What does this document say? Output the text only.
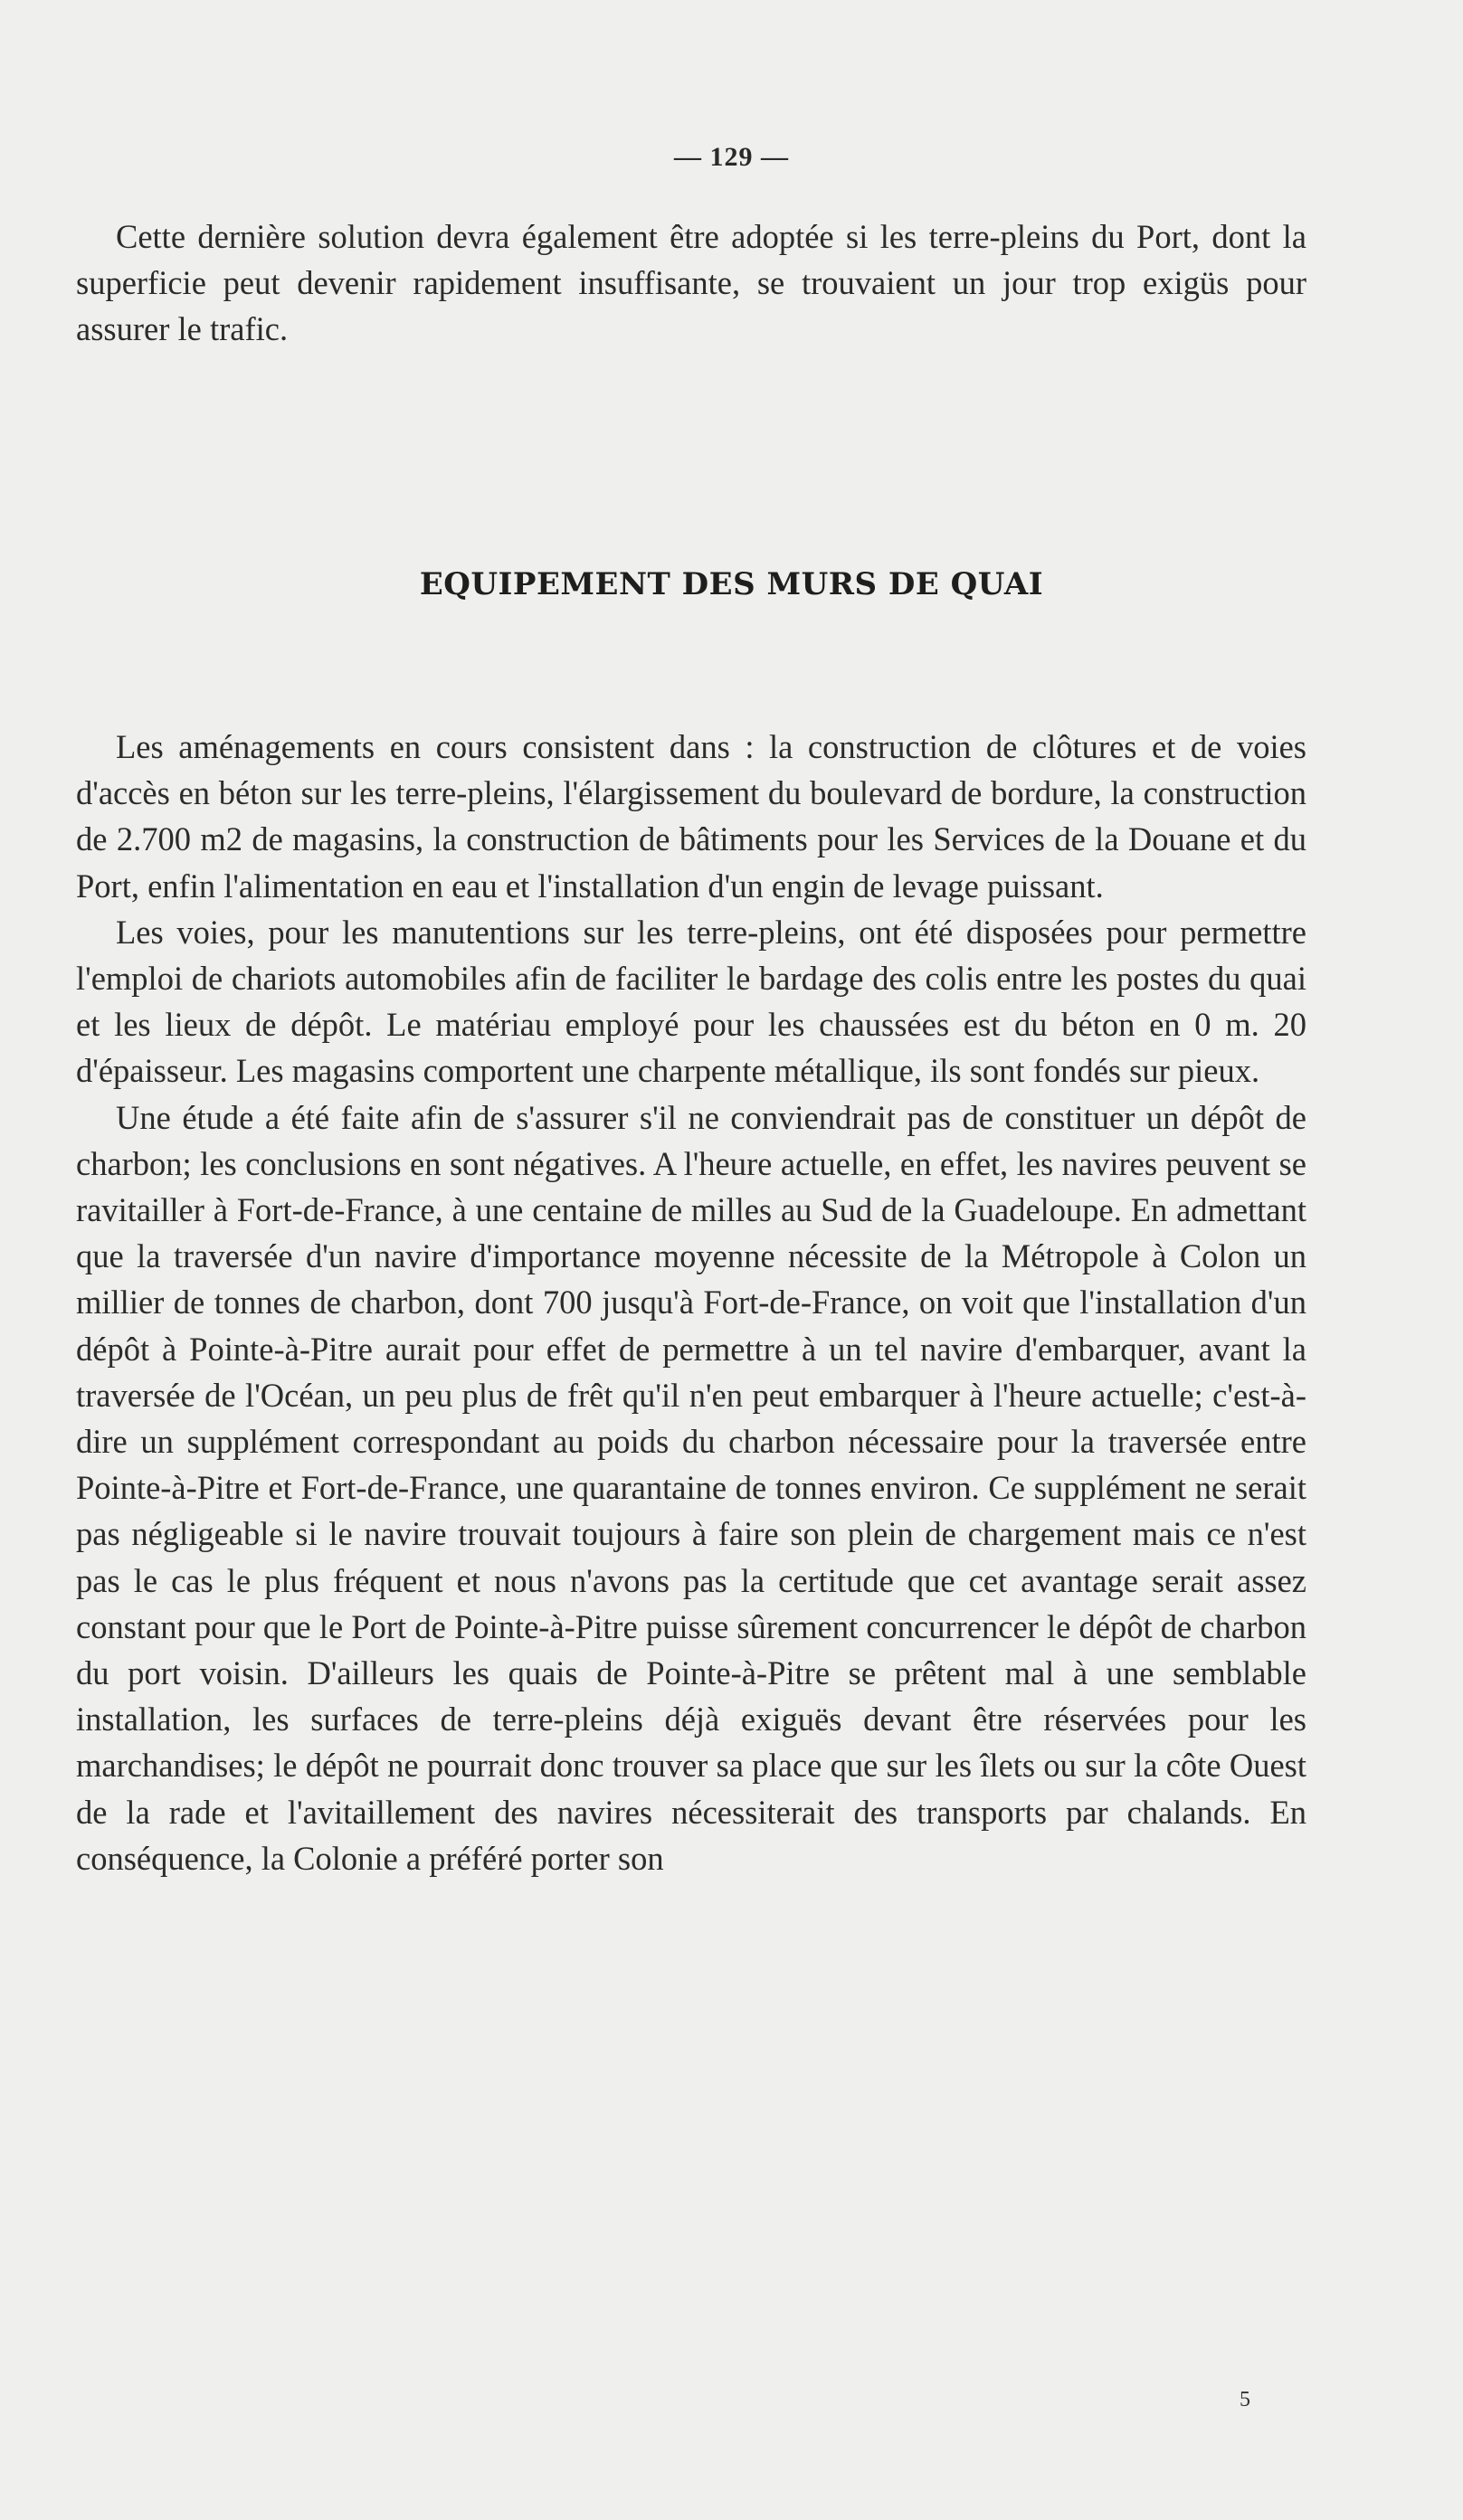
— 129 —

Cette dernière solution devra également être adoptée si les terre-pleins du Port, dont la superficie peut devenir rapidement insuffisante, se trouvaient un jour trop exigüs pour assurer le trafic.

EQUIPEMENT DES MURS DE QUAI

Les aménagements en cours consistent dans : la construction de clôtures et de voies d'accès en béton sur les terre-pleins, l'élargissement du boulevard de bordure, la construction de 2.700 m2 de magasins, la construction de bâtiments pour les Services de la Douane et du Port, enfin l'alimentation en eau et l'installation d'un engin de levage puissant.

Les voies, pour les manutentions sur les terre-pleins, ont été disposées pour permettre l'emploi de chariots automobiles afin de faciliter le bardage des colis entre les postes du quai et les lieux de dépôt. Le matériau employé pour les chaussées est du béton en 0 m. 20 d'épaisseur. Les magasins comportent une charpente métallique, ils sont fondés sur pieux.

Une étude a été faite afin de s'assurer s'il ne conviendrait pas de constituer un dépôt de charbon; les conclusions en sont négatives. A l'heure actuelle, en effet, les navires peuvent se ravitailler à Fort-de-France, à une centaine de milles au Sud de la Guadeloupe. En admettant que la traversée d'un navire d'importance moyenne nécessite de la Métropole à Colon un millier de tonnes de charbon, dont 700 jusqu'à Fort-de-France, on voit que l'installation d'un dépôt à Pointe-à-Pitre aurait pour effet de permettre à un tel navire d'embarquer, avant la traversée de l'Océan, un peu plus de frêt qu'il n'en peut embarquer à l'heure actuelle; c'est-à-dire un supplément correspondant au poids du charbon nécessaire pour la traversée entre Pointe-à-Pitre et Fort-de-France, une quarantaine de tonnes environ. Ce supplément ne serait pas négligeable si le navire trouvait toujours à faire son plein de chargement mais ce n'est pas le cas le plus fréquent et nous n'avons pas la certitude que cet avantage serait assez constant pour que le Port de Pointe-à-Pitre puisse sûrement concurrencer le dépôt de charbon du port voisin. D'ailleurs les quais de Pointe-à-Pitre se prêtent mal à une semblable installation, les surfaces de terre-pleins déjà exiguës devant être réservées pour les marchandises; le dépôt ne pourrait donc trouver sa place que sur les îlets ou sur la côte Ouest de la rade et l'avitaillement des navires nécessiterait des transports par chalands. En conséquence, la Colonie a préféré porter son

5
